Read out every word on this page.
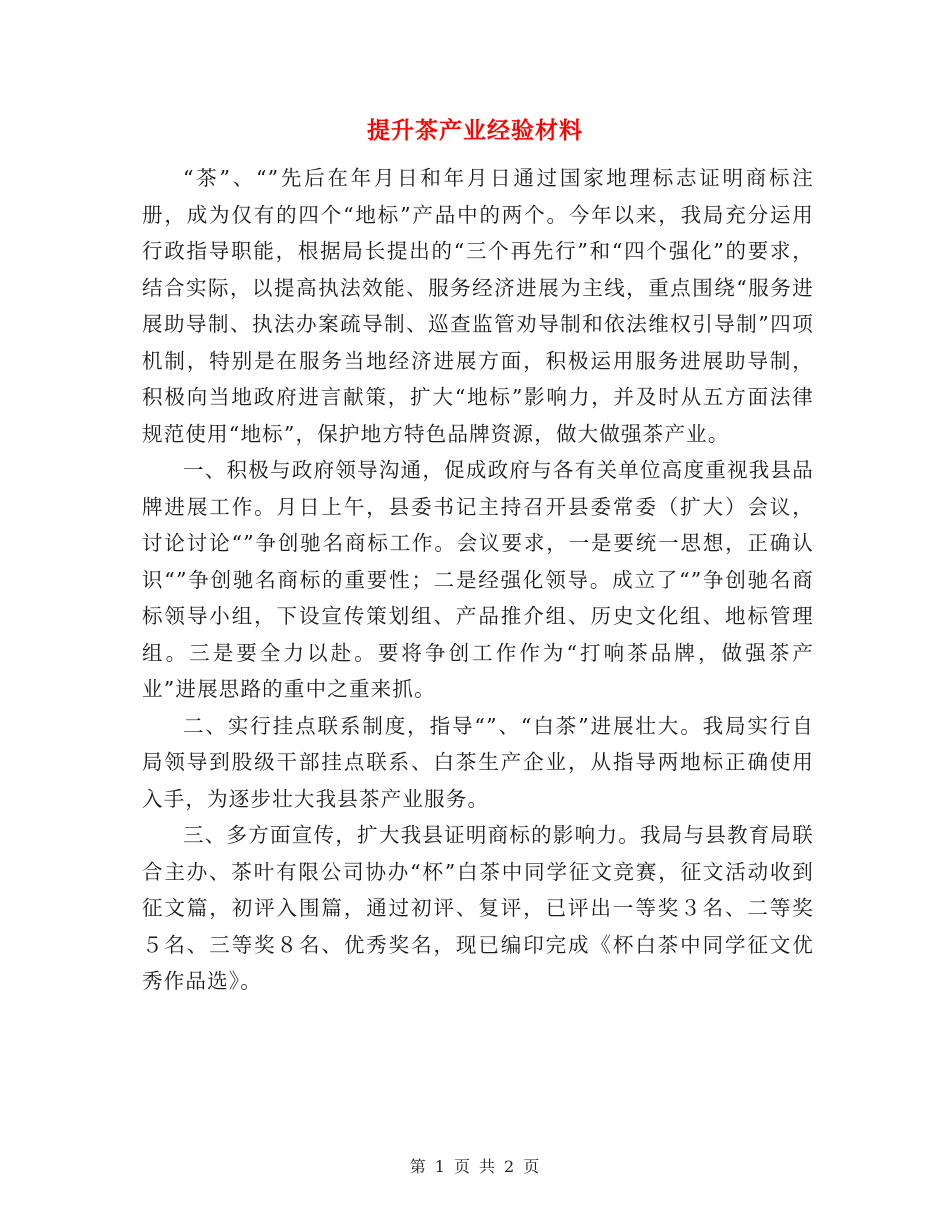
提升茶产业经验材料

“茶”、“”先后在年月日和年月日通过国家地理标志证明商标注册，成为仅有的四个“地标”产品中的两个。今年以来，我局充分运用行政指导职能，根据局长提出的“三个再先行”和“四个强化”的要求，结合实际，以提高执法效能、服务经济进展为主线，重点围绕“服务进展助导制、执法办案疏导制、巡查监管劝导制和依法维权引导制”四项机制，特别是在服务当地经济进展方面，积极运用服务进展助导制，积极向当地政府进言献策，扩大“地标”影响力，并及时从五方面法律规范使用“地标”，保护地方特色品牌资源，做大做强茶产业。

一、积极与政府领导沟通，促成政府与各有关单位高度重视我县品牌进展工作。月日上午，县委书记主持召开县委常委（扩大）会议，讨论讨论“”争创驰名商标工作。会议要求，一是要统一思想，正确认识“”争创驰名商标的重要性；二是经强化领导。成立了“”争创驰名商标领导小组，下设宣传策划组、产品推介组、历史文化组、地标管理组。三是要全力以赴。要将争创工作作为“打响茶品牌，做强茶产业”进展思路的重中之重来抓。

二、实行挂点联系制度，指导“”、“白茶”进展壮大。我局实行自局领导到股级干部挂点联系、白茶生产企业，从指导两地标正确使用入手，为逐步壮大我县茶产业服务。

三、多方面宣传，扩大我县证明商标的影响力。我局与县教育局联合主办、茶叶有限公司协办“杯”白茶中同学征文竞赛，征文活动收到征文篇，初评入围篇，通过初评、复评，已评出一等奖３名、二等奖５名、三等奖８名、优秀奖名，现已编印完成《杯白茶中同学征文优秀作品选》。

第 1 页 共 2 页
